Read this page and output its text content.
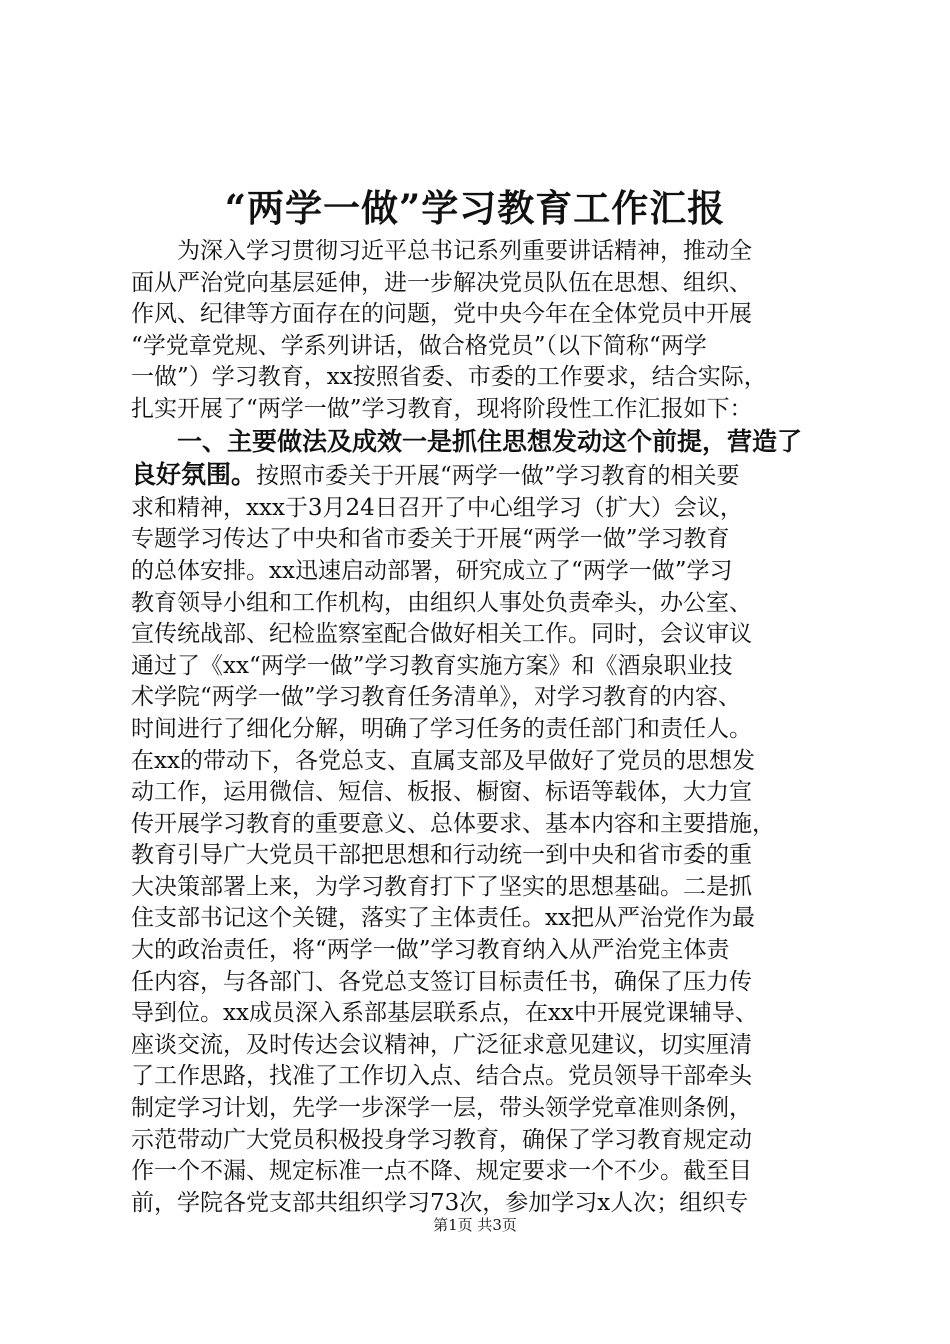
“两学一做”学习教育工作汇报
为深入学习贯彻习近平总书记系列重要讲话精神，推动全
面从严治党向基层延伸，进一步解决党员队伍在思想、组织、
作风、纪律等方面存在的问题，党中央今年在全体党员中开展
“学党章党规、学系列讲话，做合格党员”（以下简称“两学
一做”）学习教育，xx按照省委、市委的工作要求，结合实际，
扎实开展了“两学一做”学习教育，现将阶段性工作汇报如下：
一、主要做法及成效一是抓住思想发动这个前提，营造了
良好氛围。按照市委关于开展“两学一做”学习教育的相关要
求和精神，xxx于3月24日召开了中心组学习（扩大）会议，
专题学习传达了中央和省市委关于开展“两学一做”学习教育
的总体安排。xx迅速启动部署，研究成立了“两学一做”学习
教育领导小组和工作机构，由组织人事处负责牵头，办公室、
宣传统战部、纪检监察室配合做好相关工作。同时，会议审议
通过了《xx“两学一做”学习教育实施方案》和《酒泉职业技
术学院“两学一做”学习教育任务清单》，对学习教育的内容、
时间进行了细化分解，明确了学习任务的责任部门和责任人。
在xx的带动下，各党总支、直属支部及早做好了党员的思想发
动工作，运用微信、短信、板报、橱窗、标语等载体，大力宣
传开展学习教育的重要意义、总体要求、基本内容和主要措施，
教育引导广大党员干部把思想和行动统一到中央和省市委的重
大决策部署上来，为学习教育打下了坚实的思想基础。二是抓
住支部书记这个关键，落实了主体责任。xx把从严治党作为最
大的政治责任，将“两学一做”学习教育纳入从严治党主体责
任内容，与各部门、各党总支签订目标责任书，确保了压力传
导到位。xx成员深入系部基层联系点，在xx中开展党课辅导、
座谈交流，及时传达会议精神，广泛征求意见建议，切实厘清
了工作思路，找准了工作切入点、结合点。党员领导干部牵头
制定学习计划，先学一步深学一层，带头领学党章准则条例，
示范带动广大党员积极投身学习教育，确保了学习教育规定动
作一个不漏、规定标准一点不降、规定要求一个不少。截至目
前，学院各党支部共组织学习73次，参加学习x人次；组织专
第1页 共3页
